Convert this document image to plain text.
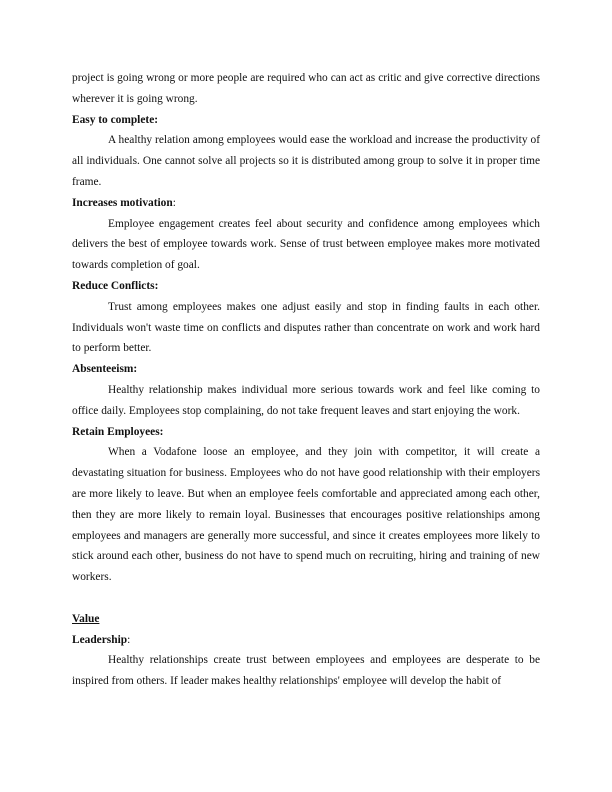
project is going wrong or more people are required who can act as critic and give corrective directions wherever it is going wrong.

Easy to complete:

A healthy relation among employees would ease the workload and increase the productivity of all individuals. One cannot solve all projects so it is distributed among group to solve it in proper time frame.

Increases motivation:

Employee engagement creates feel about security and confidence among employees which delivers the best of employee towards work. Sense of trust between employee makes more motivated towards completion of goal.

Reduce Conflicts:

Trust among employees makes one adjust easily and stop in finding faults in each other. Individuals won't waste time on conflicts and disputes rather than concentrate on work and work hard to perform better.

Absenteeism:

Healthy relationship makes individual more serious towards work and feel like coming to office daily. Employees stop complaining, do not take frequent leaves and start enjoying the work.

Retain Employees:

When a Vodafone loose an employee, and they join with competitor, it will create a devastating situation for business. Employees who do not have good relationship with their employers are more likely to leave. But when an employee feels comfortable and appreciated among each other, then they are more likely to remain loyal. Businesses that encourages positive relationships among employees and managers are generally more successful, and since it creates employees more likely to stick around each other, business do not have to spend much on recruiting, hiring and training of new workers.

Value
Leadership:

Healthy relationships create trust between employees and employees are desperate to be inspired from others. If leader makes healthy relationships' employee will develop the habit of
